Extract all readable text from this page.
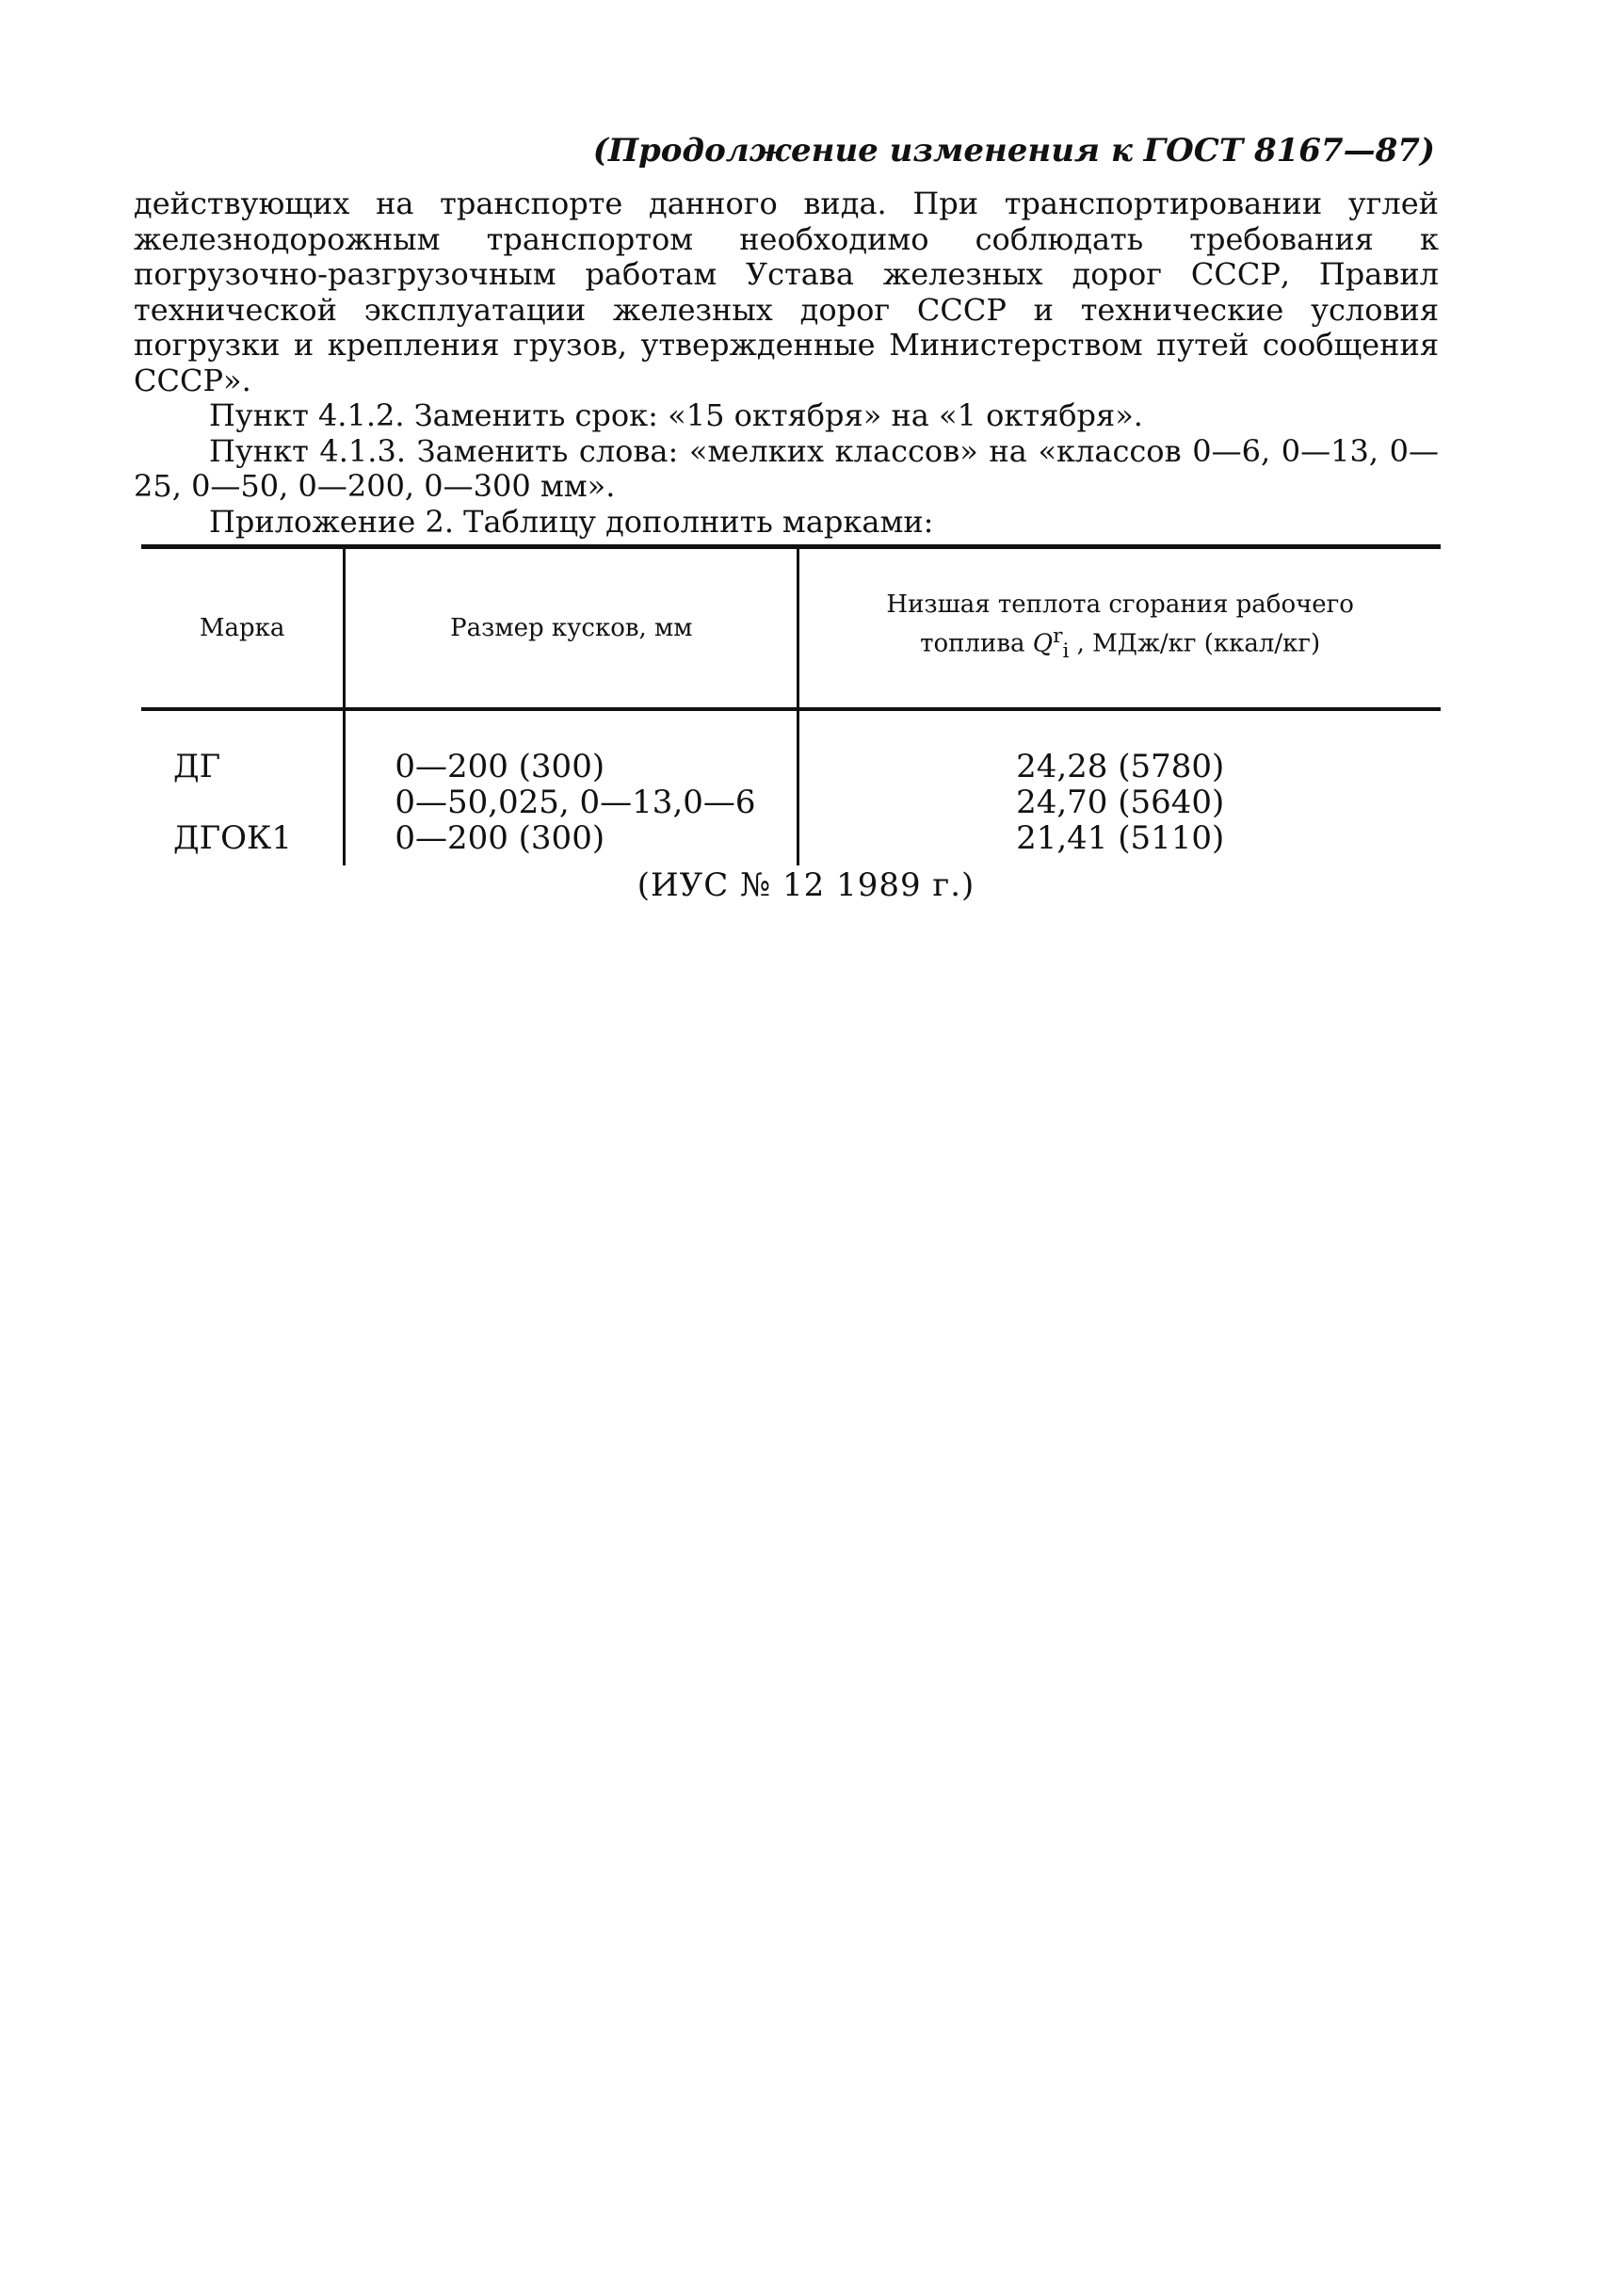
(Продолжение изменения к ГОСТ 8167—87)

действующих на транспорте данного вида. При транспортировании углей железнодорожным транспортом необходимо соблюдать требования к погрузочно-разгрузочным работам Устава железных дорог СССР, Правил технической эксплуатации железных дорог СССР и технические условия погрузки и крепления грузов, утвержденные Министерством путей сообщения СССР».

Пункт 4.1.2. Заменить срок: «15 октября» на «1 октября».

Пункт 4.1.3. Заменить слова: «мелких классов» на «классов 0—6, 0—13, 0—25, 0—50, 0—200, 0—300 мм».

Приложение 2. Таблицу дополнить марками:

Марка	Размер кусков, мм	Низшая теплота сгорания рабочего топлива $Q^r_i$ , МДж/кг (ккал/кг)
ДГ	0—200 (300)	24,28 (5780)
	0—50,025, 0—13,0—6	24,70 (5640)
ДГОК1	0—200 (300)	21,41 (5110)
(ИУС № 12 1989 г.)
